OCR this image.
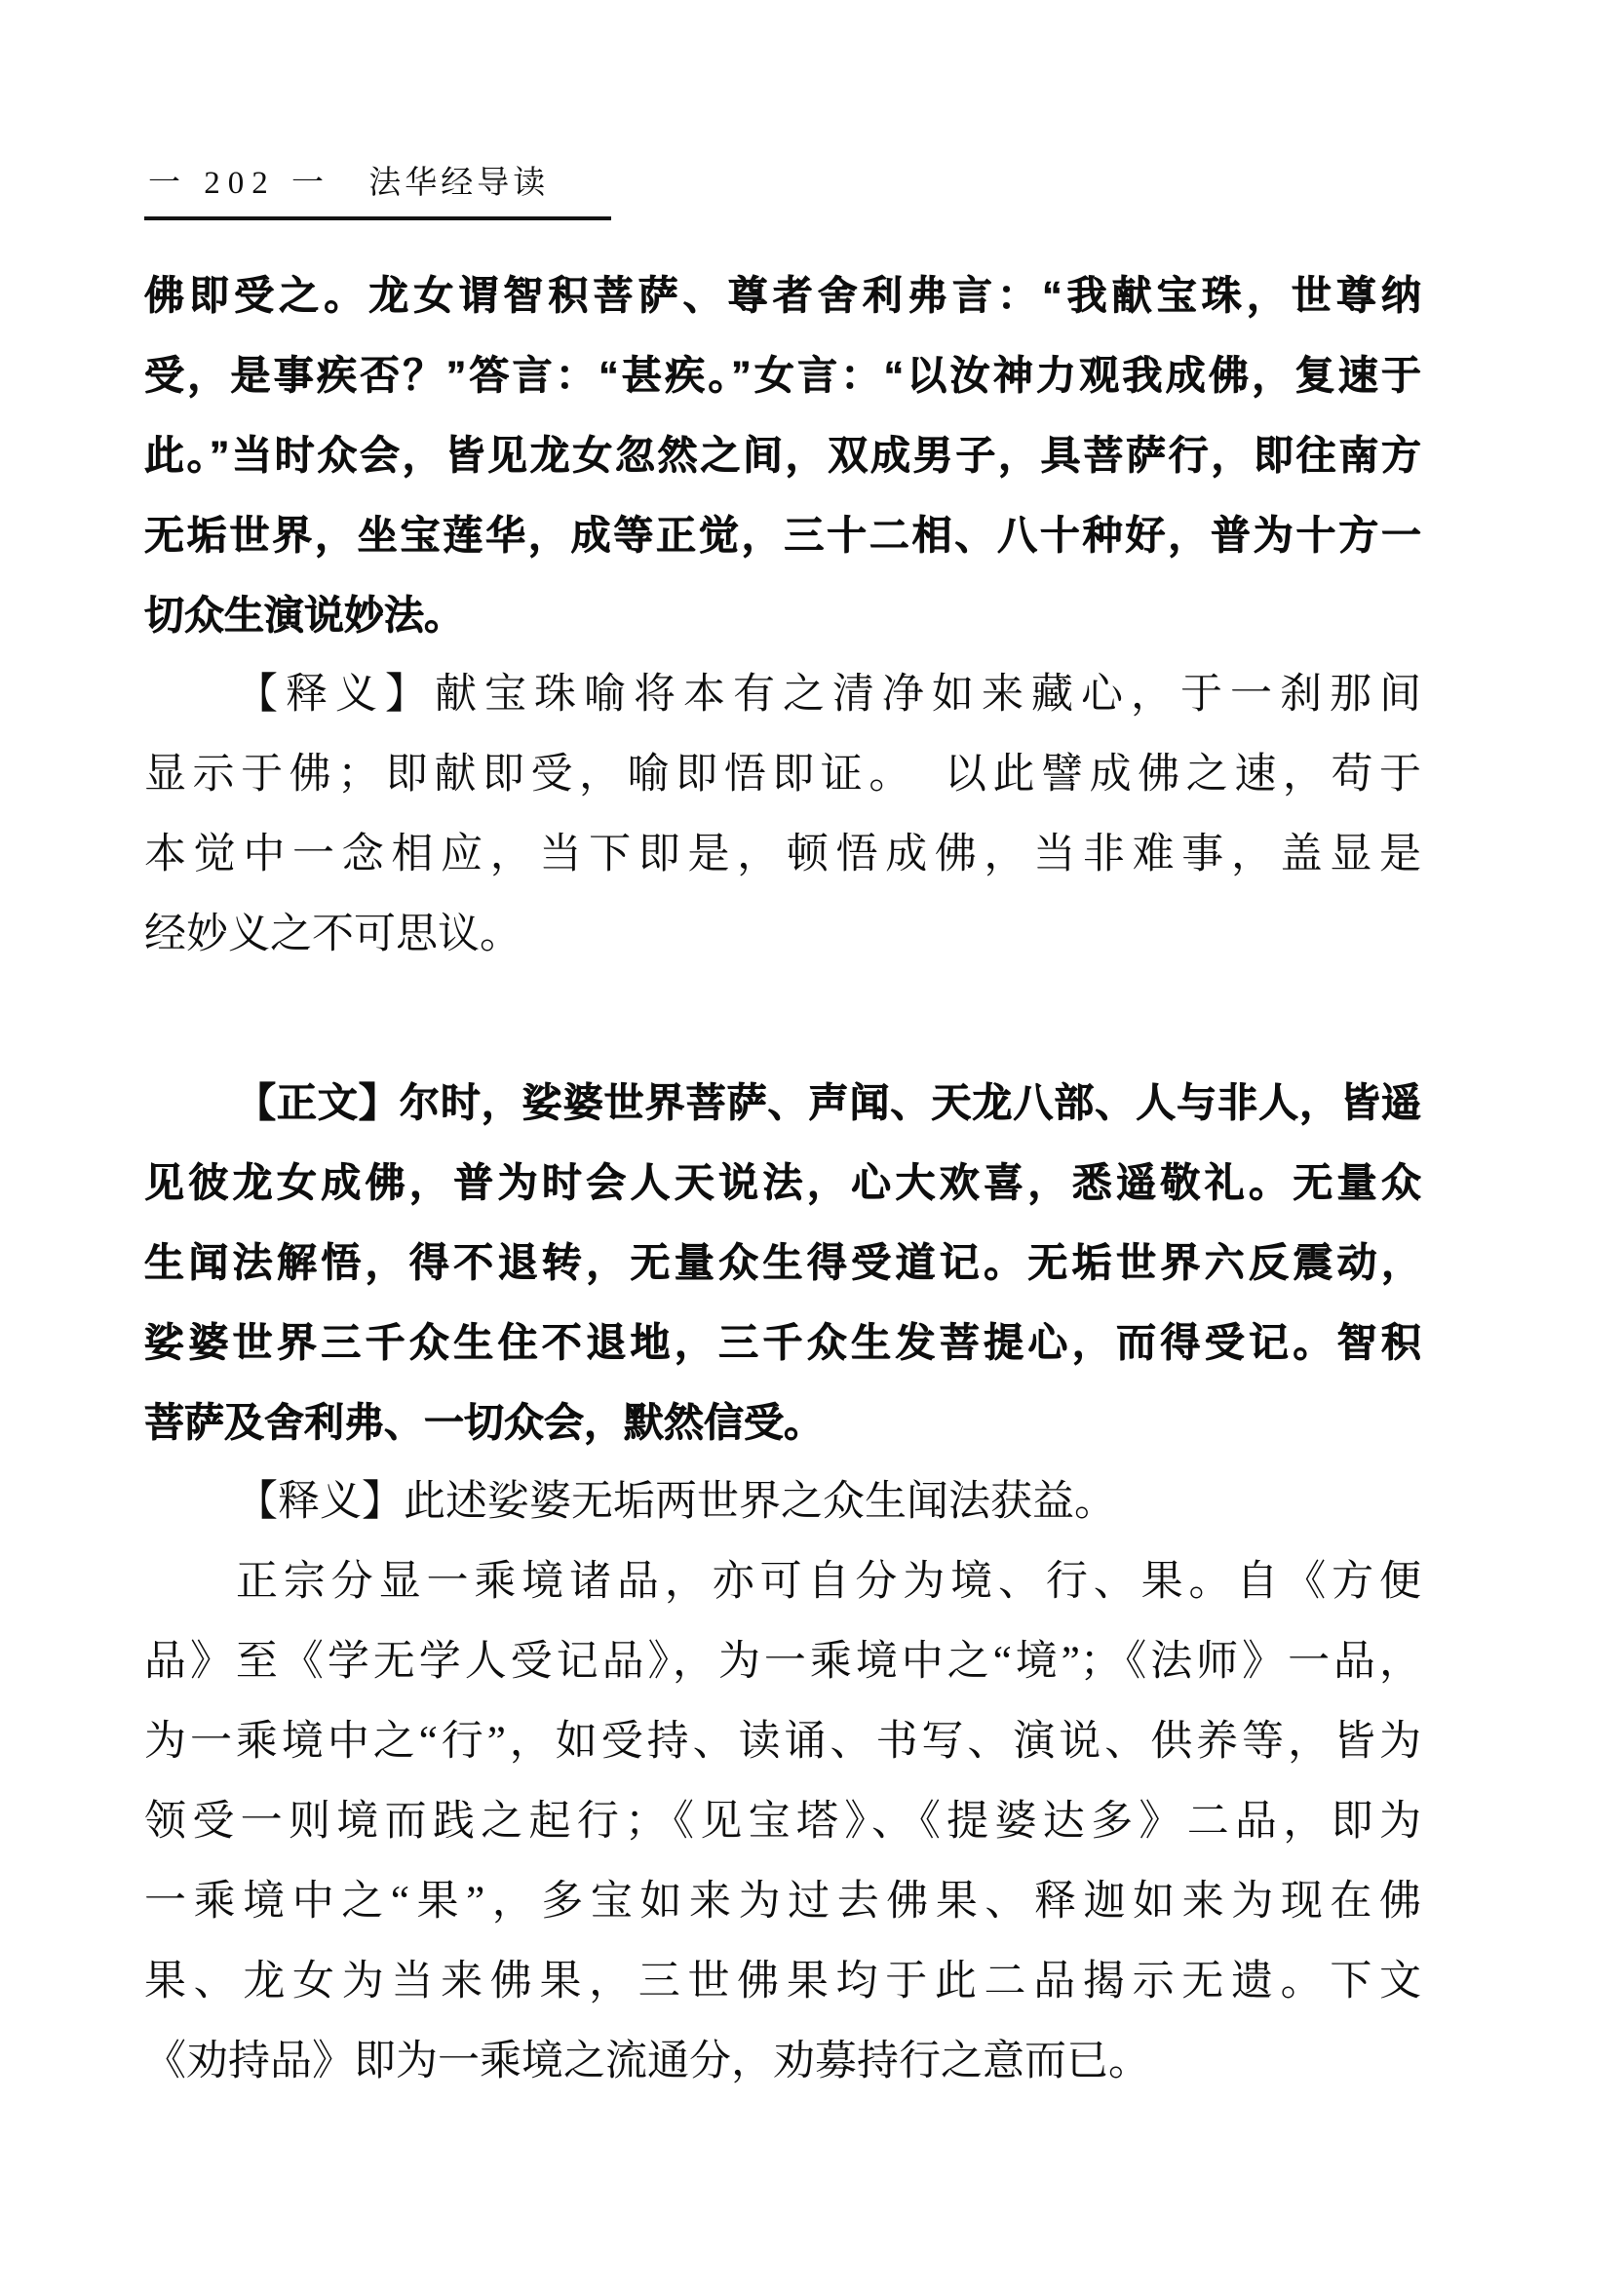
一 202 一 法华经导读
佛即受之。龙女谓智积菩萨、尊者舍利弗言：“我献宝珠，世尊纳
受，是事疾否？”答言：“甚疾。”女言：“以汝神力观我成佛，复速于
此。”当时众会，皆见龙女忽然之间，双成男子，具菩萨行，即往南方
无垢世界，坐宝莲华，成等正觉，三十二相、八十种好，普为十方一
切众生演说妙法。
【释义】献宝珠喻将本有之清净如来藏心，于一刹那间
显示于佛；即献即受，喻即悟即证。　以此譬成佛之速，苟于
本觉中一念相应，当下即是，顿悟成佛，当非难事，盖显是
经妙义之不可思议。
【正文】尔时，娑婆世界菩萨、声闻、天龙八部、人与非人，皆遥
见彼龙女成佛，普为时会人天说法，心大欢喜，悉遥敬礼。无量众
生闻法解悟，得不退转，无量众生得受道记。无垢世界六反震动，
娑婆世界三千众生住不退地，三千众生发菩提心，而得受记。智积
菩萨及舍利弗、一切众会，默然信受。
【释义】此述娑婆无垢两世界之众生闻法获益。
正宗分显一乘境诸品，亦可自分为境、行、果。自《方便
品》至《学无学人受记品》，为一乘境中之“境”；《法师》一品，
为一乘境中之“行”，如受持、读诵、书写、演说、供养等，皆为
领受一则境而践之起行；《见宝塔》、《提婆达多》二品，即为
一乘境中之“果”，多宝如来为过去佛果、释迦如来为现在佛
果、龙女为当来佛果，三世佛果均于此二品揭示无遗。下文
《劝持品》即为一乘境之流通分，劝募持行之意而已。
